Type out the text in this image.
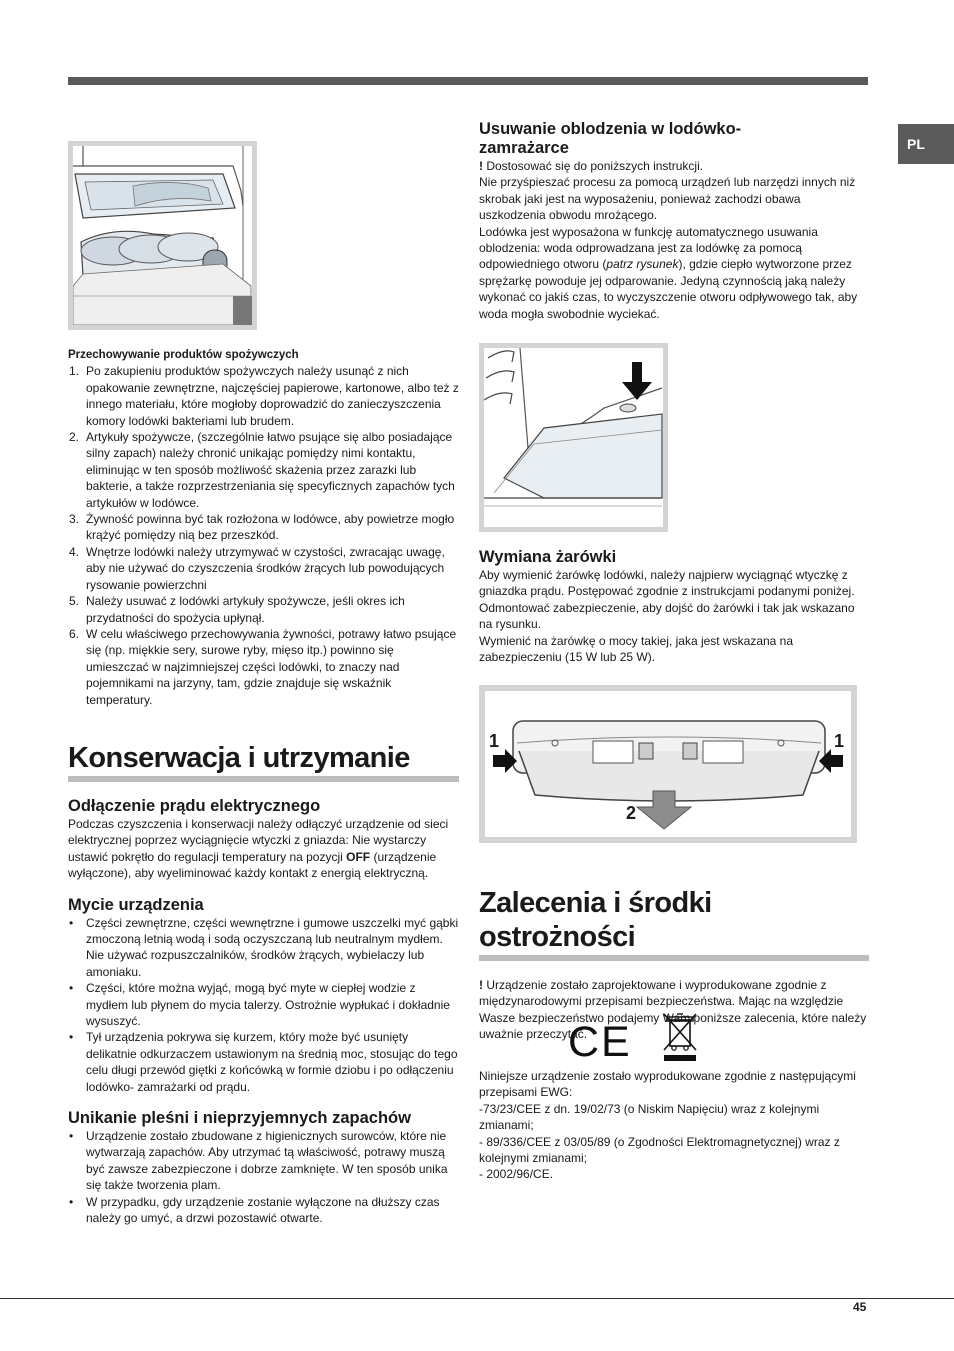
PL
Przechowywanie produktów spożywczych
1. Po zakupieniu produktów spożywczych należy usunąć z nich opakowanie zewnętrzne, najczęściej papierowe, kartonowe, albo też z innego materiału, które mogłoby doprowadzić do zanieczyszczenia komory lodówki bakteriami lub brudem.
2. Artykuły spożywcze, (szczególnie łatwo psujące się albo posiadające silny zapach) należy chronić unikając pomiędzy nimi kontaktu, eliminując w ten sposób możliwość skażenia przez zarazki lub bakterie, a także rozprzestrzeniania się specyficznych zapachów tych artykułów w lodówce.
3. Żywność powinna być tak rozłożona w lodówce, aby powietrze mogło krążyć pomiędzy nią bez przeszkód.
4. Wnętrze lodówki należy utrzymywać w czystości, zwracając uwagę, aby nie używać do czyszczenia środków żrących lub powodujących rysowanie powierzchni
5. Należy usuwać z lodówki artykuły spożywcze, jeśli okres ich przydatności do spożycia upłynął.
6. W celu właściwego przechowywania żywności, potrawy łatwo psujące się (np. miękkie sery, surowe ryby, mięso itp.) powinno się umieszczać w najzimniejszej części lodówki, to znaczy nad pojemnikami na jarzyny, tam, gdzie znajduje się wskaźnik temperatury.
Konserwacja i utrzymanie
Odłączenie prądu elektrycznego

Podczas czyszczenia i konserwacji należy odłączyć urządzenie od sieci elektrycznej poprzez wyciągnięcie wtyczki z gniazda: Nie wystarczy ustawić pokrętło do regulacji temperatury na pozycji OFF (urządzenie wyłączone), aby wyeliminować każdy kontakt z energią elektryczną.

Mycie urządzenia
• Części zewnętrzne, części wewnętrzne i gumowe uszczelki myć gąbki zmoczoną letnią wodą i sodą oczyszczaną lub neutralnym mydłem. Nie używać rozpuszczalników, środków żrących, wybielaczy lub amoniaku.
• Części, które można wyjąć, mogą być myte w ciepłej wodzie z mydłem lub płynem do mycia talerzy. Ostrożnie wypłukać i dokładnie wysuszyć.
• Tył urządzenia pokrywa się kurzem, który może być usunięty delikatnie odkurzaczem ustawionym na średnią moc, stosując do tego celu długi przewód giętki z końcówką w formie dziobu i po odłączeniu lodówko- zamrażarki od prądu.
Unikanie pleśni i nieprzyjemnych zapachów
• Urządzenie zostało zbudowane z higienicznych surowców, które nie wytwarzają zapachów. Aby utrzymać tą właściwość, potrawy muszą być zawsze zabezpieczone i dobrze zamknięte. W ten sposób unika się także tworzenia plam.
• W przypadku, gdy urządzenie zostanie wyłączone na dłuższy czas należy go umyć, a drzwi pozostawić otwarte.
Usuwanie oblodzenia w lodówko-zamrażarce

! Dostosować się do poniższych instrukcji.

Nie przyśpieszać procesu za pomocą urządzeń lub narzędzi innych niż skrobak jaki jest na wyposażeniu, ponieważ zachodzi obawa uszkodzenia obwodu mrożącego.

Lodówka jest wyposażona w funkcję automatycznego usuwania oblodzenia: woda odprowadzana jest za lodówkę za pomocą odpowiedniego otworu (patrz rysunek), gdzie ciepło wytworzone przez sprężarkę powoduje jej odparowanie. Jedyną czynnością jaką należy wykonać co jakiś czas, to wyczyszczenie otworu odpływowego tak, aby woda mogła swobodnie wyciekać.

Wymiana żarówki

Aby wymienić żarówkę lodówki, należy najpierw wyciągnąć wtyczkę z gniazdka prądu. Postępować zgodnie z instrukcjami podanymi poniżej. Odmontować zabezpieczenie, aby dojść do żarówki i tak jak wskazano na rysunku.

Wymienić na żarówkę o mocy takiej, jaka jest wskazana na zabezpieczeniu (15 W lub 25 W).

1	1
2
Zalecenia i środki ostrożności

! Urządzenie zostało zaprojektowane i wyprodukowane zgodnie z międzynarodowymi przepisami bezpieczeństwa. Mając na względzie Wasze bezpieczeństwo podajemy Wam poniższe zalecenia, które należy uważnie przeczytać.

CE

Niniejsze urządzenie zostało wyprodukowane zgodnie z następującymi przepisami EWG:

-73/23/CEE z dn. 19/02/73 (o Niskim Napięciu) wraz z kolejnymi zmianami;

- 89/336/CEE z 03/05/89 (o Zgodności Elektromagnetycznej) wraz z kolejnymi zmianami;

- 2002/96/CE.

45
